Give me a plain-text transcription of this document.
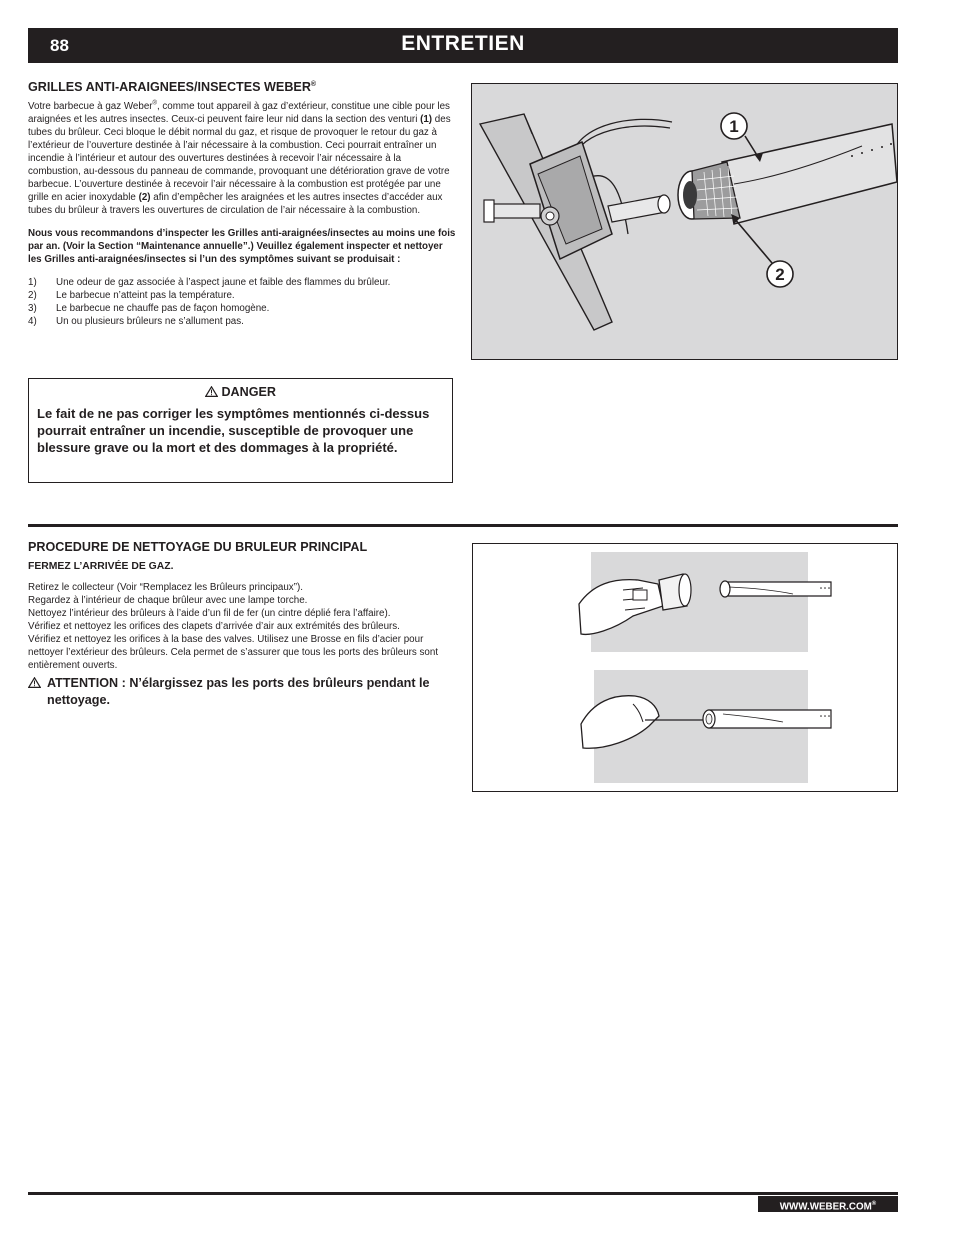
88	ENTRETIEN
GRILLES ANTI-ARAIGNEES/INSECTES WEBER®

Votre barbecue à gaz Weber®, comme tout appareil à gaz d’extérieur, constitue une cible pour les araignées et les autres insectes. Ceux-ci peuvent faire leur nid dans la section des venturi (1) des tubes du brûleur. Ceci bloque le débit normal du gaz, et risque de provoquer le retour du gaz à l’extérieur de l’ouverture destinée à l’air nécessaire à la combustion. Ceci pourrait entraîner un incendie à l’intérieur et autour des ouvertures destinées à recevoir l’air nécessaire à la combustion, au-dessous du panneau de commande, provoquant une détérioration grave de votre barbecue. L’ouverture destinée à recevoir l’air nécessaire à la combustion est protégée par une grille en acier inoxydable (2) afin d’empêcher les araignées et les autres insectes d’accéder aux tubes du brûleur à travers les ouvertures de circulation de l’air nécessaire à la combustion.

Nous vous recommandons d’inspecter les Grilles anti-araignées/insectes au moins une fois par an. (Voir la Section “Maintenance annuelle”.) Veuillez également inspecter et nettoyer les Grilles anti-araignées/insectes si l’un des symptômes suivant se produisait :

1)	Une odeur de gaz associée à l’aspect jaune et faible des flammes du brûleur.
2)	Le barbecue n’atteint pas la température.
3)	Le barbecue ne chauffe pas de façon homogène.
4)	Un ou plusieurs brûleurs ne s’allument pas.
DANGER
Le fait de ne pas corriger les symptômes mentionnés ci-dessus pourrait entraîner un incendie, susceptible de provoquer une blessure grave ou la mort et des dommages à la propriété.
1
2
PROCEDURE DE NETTOYAGE DU BRULEUR PRINCIPAL

FERMEZ L’ARRIVÉE DE GAZ.

Retirez le collecteur (Voir “Remplacez les Brûleurs principaux”).

Regardez à l’intérieur de chaque brûleur avec une lampe torche.

Nettoyez l’intérieur des brûleurs à l’aide d’un fil de fer (un cintre déplié fera l’affaire).

Vérifiez et nettoyez les orifices des clapets d’arrivée d’air aux extrémités des brûleurs.

Vérifiez et nettoyez les orifices à la base des valves. Utilisez une Brosse en fils d’acier pour nettoyer l’extérieur des brûleurs. Cela permet de s’assurer que tous les ports des brûleurs sont entièrement ouverts.

ATTENTION : N’élargissez pas les ports des brûleurs pendant le nettoyage.
WWW.WEBER.COM®
